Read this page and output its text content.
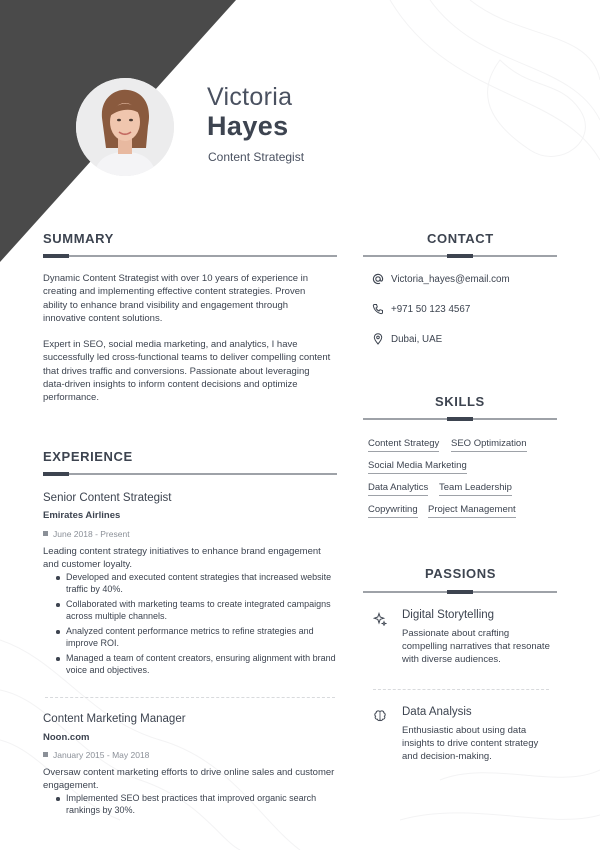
Victoria
Hayes
Content Strategist
SUMMARY
Dynamic Content Strategist with over 10 years of experience in creating and implementing effective content strategies. Proven ability to enhance brand visibility and engagement through innovative content solutions.
Expert in SEO, social media marketing, and analytics, I have successfully led cross-functional teams to deliver compelling content that drives traffic and conversions. Passionate about leveraging data-driven insights to inform content decisions and optimize performance.
EXPERIENCE
Senior Content Strategist
Emirates Airlines
June 2018 - Present
Leading content strategy initiatives to enhance brand engagement and customer loyalty.
Developed and executed content strategies that increased website traffic by 40%.
Collaborated with marketing teams to create integrated campaigns across multiple channels.
Analyzed content performance metrics to refine strategies and improve ROI.
Managed a team of content creators, ensuring alignment with brand voice and objectives.
Content Marketing Manager
Noon.com
January 2015 - May 2018
Oversaw content marketing efforts to drive online sales and customer engagement.
Implemented SEO best practices that improved organic search rankings by 30%.
CONTACT
Victoria_hayes@email.com
+971 50 123 4567
Dubai, UAE
SKILLS
Content Strategy SEO Optimization
Social Media Marketing
Data Analytics Team Leadership
Copywriting Project Management
PASSIONS
Digital Storytelling
Passionate about crafting compelling narratives that resonate with diverse audiences.
Data Analysis
Enthusiastic about using data insights to drive content strategy and decision-making.
